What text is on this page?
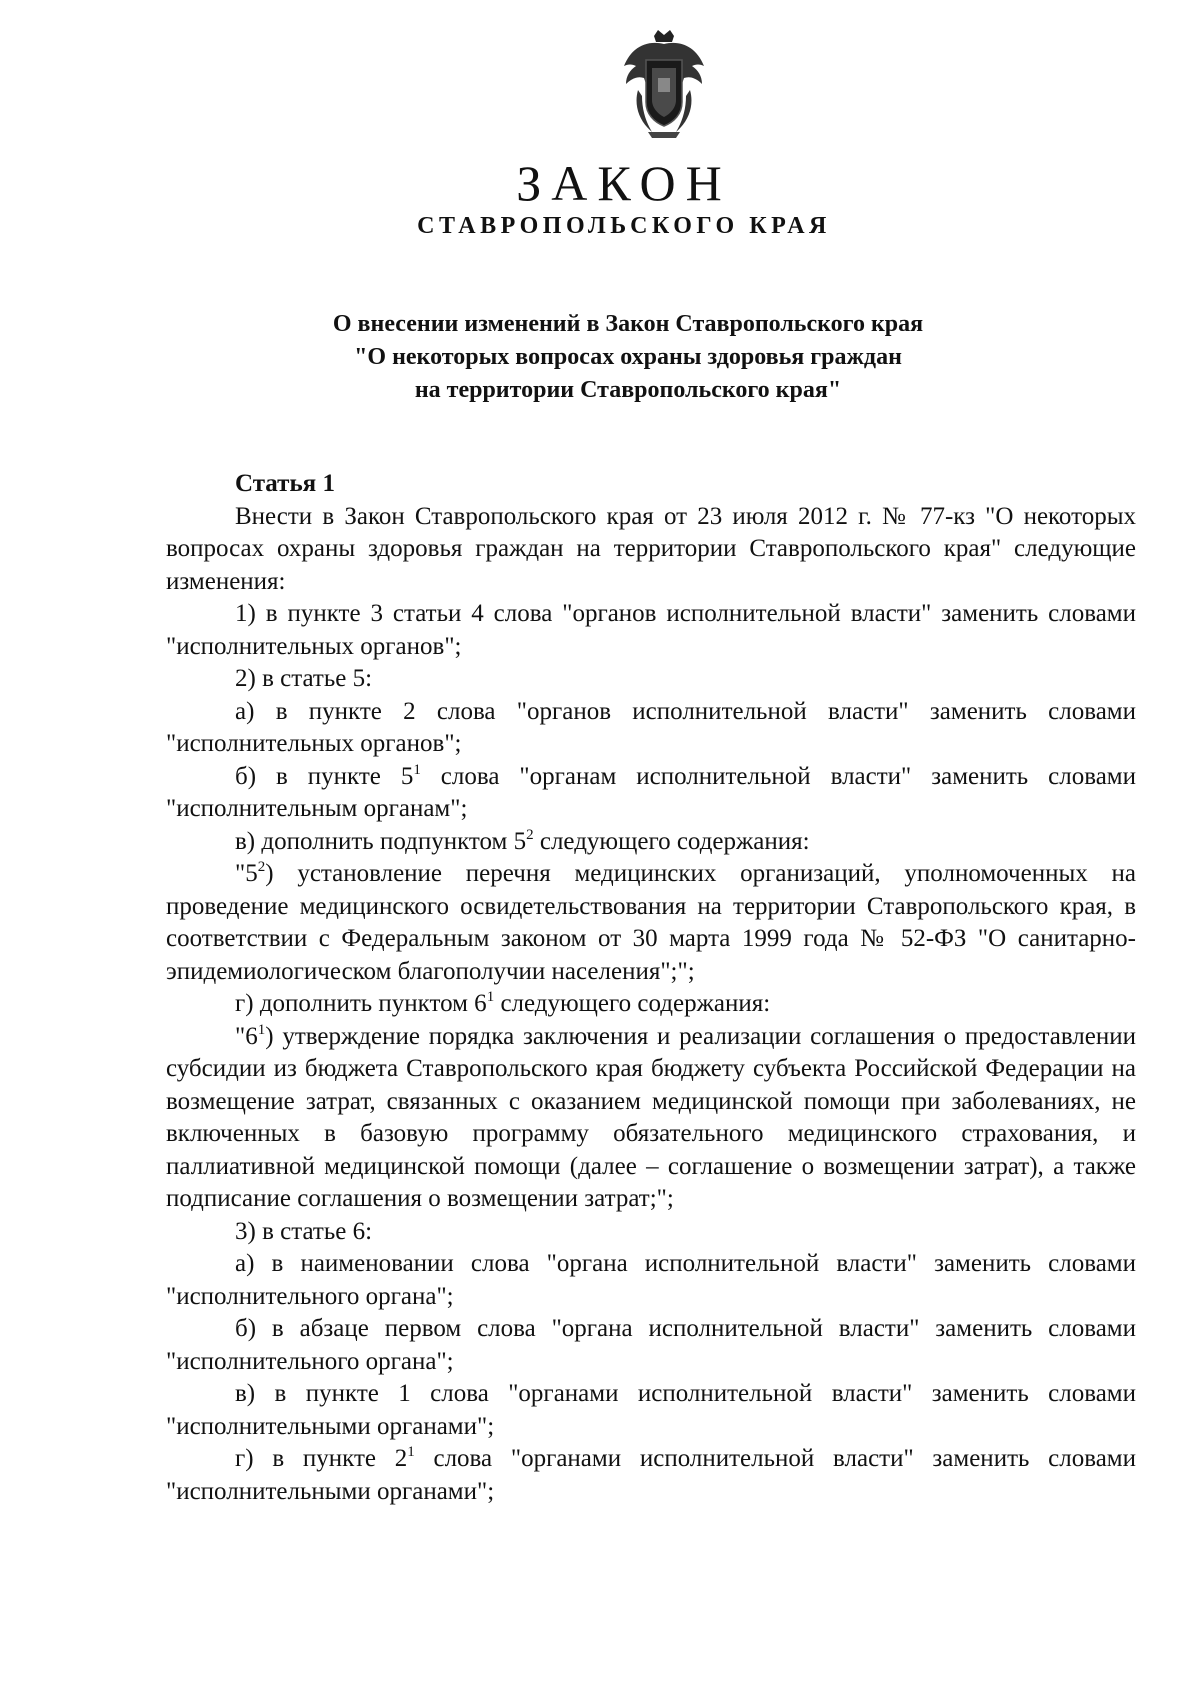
ЗАКОН
СТАВРОПОЛЬСКОГО КРАЯ
О внесении изменений в Закон Ставропольского края
"О некоторых вопросах охраны здоровья граждан
на территории Ставропольского края"
Статья 1

Внести в Закон Ставропольского края от 23 июля 2012 г. № 77-кз "О некоторых вопросах охраны здоровья граждан на территории Ставропольского края" следующие изменения:

1) в пункте 3 статьи 4 слова "органов исполнительной власти" заменить словами "исполнительных органов";

2) в статье 5:

а) в пункте 2 слова "органов исполнительной власти" заменить словами "исполнительных органов";

б) в пункте $5^1$ слова "органам исполнительной власти" заменить словами "исполнительным органам";

в) дополнить подпунктом $5^2$ следующего содержания:

"$5^2$) установление перечня медицинских организаций, уполномоченных на проведение медицинского освидетельствования на территории Ставропольского края, в соответствии с Федеральным законом от 30 марта 1999 года № 52-ФЗ "О санитарно-эпидемиологическом благополучии населения";";

г) дополнить пунктом $6^1$ следующего содержания:

"$6^1$) утверждение порядка заключения и реализации соглашения о предоставлении субсидии из бюджета Ставропольского края бюджету субъекта Российской Федерации на возмещение затрат, связанных с оказанием медицинской помощи при заболеваниях, не включенных в базовую программу обязательного медицинского страхования, и паллиативной медицинской помощи (далее – соглашение о возмещении затрат), а также подписание соглашения о возмещении затрат;";

3) в статье 6:

а) в наименовании слова "органа исполнительной власти" заменить словами "исполнительного органа";

б) в абзаце первом слова "органа исполнительной власти" заменить словами "исполнительного органа";

в) в пункте 1 слова "органами исполнительной власти" заменить словами "исполнительными органами";

г) в пункте $2^1$ слова "органами исполнительной власти" заменить словами "исполнительными органами";
